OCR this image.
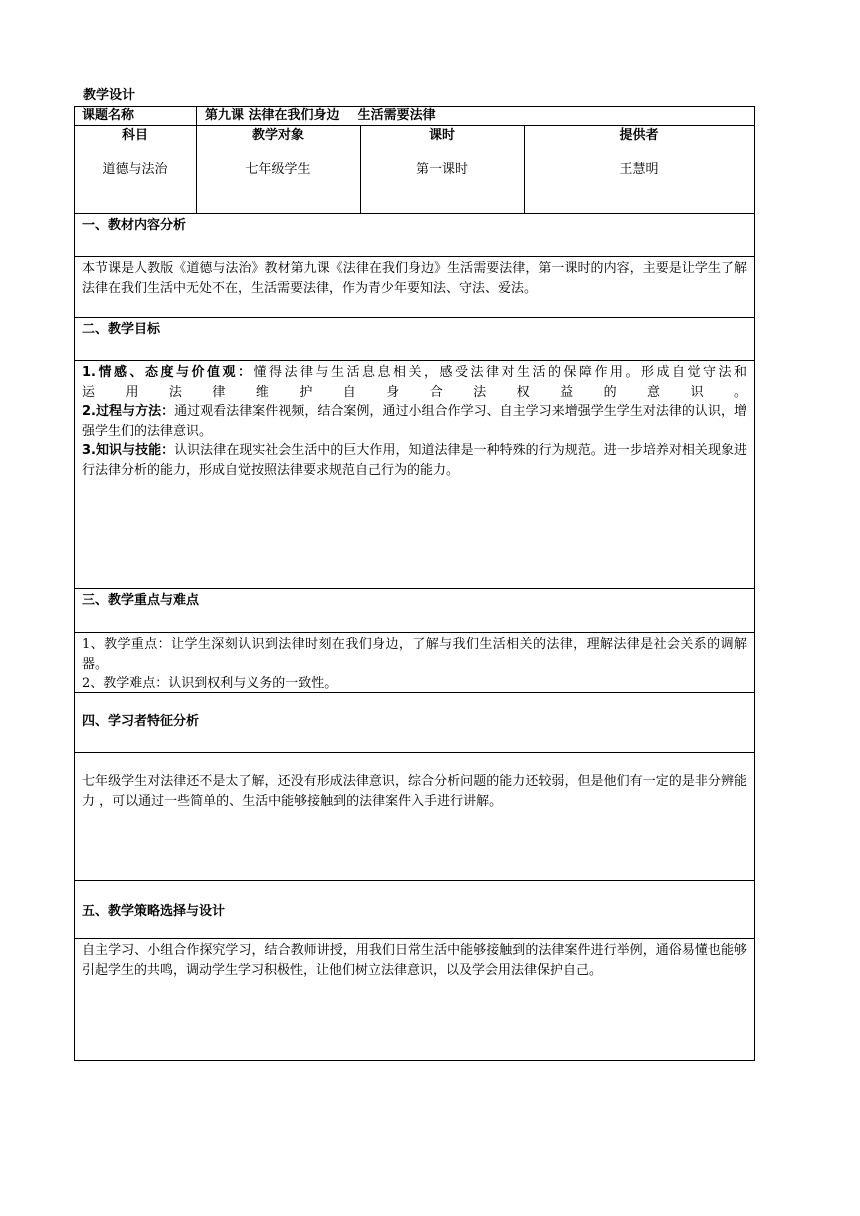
教学设计
课题名称	第九课 法律在我们身边    生活需要法律
科目	教学对象	课时	提供者
道德与法治	七年级学生	第一课时	王慧明
一、教材内容分析
本节课是人教版《道德与法治》教材第九课《法律在我们身边》生活需要法律，第一课时的内容，主要是让学生了解法律在我们生活中无处不在，生活需要法律，作为青少年要知法、守法、爱法。
二、教学目标

1.情感、态度与价值观：懂得法律与生活息息相关，感受法律对生活的保障作用。形成自觉守法和

运用法律维护自身合法权益的意识。

2.过程与方法：通过观看法律案件视频，结合案例，通过小组合作学习、自主学习来增强学生学生对法律的认识，增强学生们的法律意识。

3.知识与技能：认识法律在现实社会生活中的巨大作用，知道法律是一种特殊的行为规范。进一步培养对相关现象进行法律分析的能力，形成自觉按照法律要求规范自己行为的能力。

三、教学重点与难点

1、教学重点：让学生深刻认识到法律时刻在我们身边，了解与我们生活相关的法律，理解法律是社会关系的调解器。

2、教学难点：认识到权利与义务的一致性。

四、学习者特征分析
七年级学生对法律还不是太了解，还没有形成法律意识，综合分析问题的能力还较弱，但是他们有一定的是非分辨能力 ，可以通过一些简单的、生活中能够接触到的法律案件入手进行讲解。
五、教学策略选择与设计
自主学习、小组合作探究学习，结合教师讲授，用我们日常生活中能够接触到的法律案件进行举例，通俗易懂也能够引起学生的共鸣，调动学生学习积极性，让他们树立法律意识，以及学会用法律保护自己。
